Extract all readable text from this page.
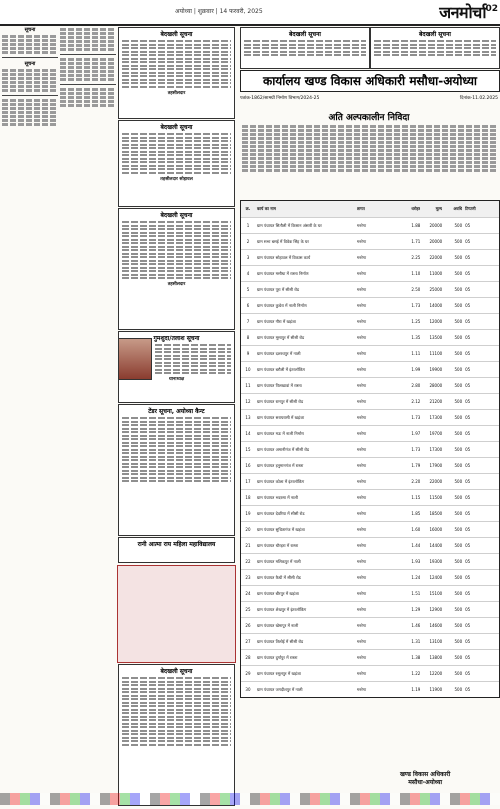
अयोध्या | शुक्रवार | 14 फरवरी, 2025	जनमोर्चा 02
सूचना
सूचना
बेदखली सूचना
तहसीलदार
बेदखली सूचना
तहसीलदार सोहावल
बेदखली सूचना
तहसीलदार
गुमशुदा/तलाश सूचना
थानाध्यक्ष
टेंडर सूचना, अयोध्या कैन्ट
रानी आत्मा राय महिला महाविद्यालय
बेदखली सूचना
बेदखली सूचना	बेदखली सूचना
कार्यालय खण्ड विकास अधिकारी मसौधा-अयोध्या
पत्रांक-1862/सामग्री निर्माण विभाग/2024-25	दिनांक-11.02.2025
अति अल्पकालीन निविदा
क्र.	कार्य का नाम	लागत	धरोहर	मूल्य	अवधि टिप्पणी
1	ग्राम पंचायत सितौली में किसान अंसारी के घर	मनरेगा	1.88	20000	500 05
2	ग्राम सभा बसई में विवेक सिंह के घर	मनरेगा	1.71	20000	500 05
3	ग्राम पंचायत सोहावल में विकास कार्य	मनरेगा	2.25	22000	500 05
4	ग्राम पंचायत मसौधा में रास्ता निर्माण	मनरेगा	1.10	11000	500 05
5	ग्राम पंचायत पूरा में सीसी रोड	मनरेगा	2.50	25000	500 05
6	ग्राम पंचायत कुचेरा में नाली निर्माण	मनरेगा	1.73	14000	500 05
7	ग्राम पंचायत गौरा में खड़ंजा	मनरेगा	1.25	12000	500 05
8	ग्राम पंचायत मूसापुर में सीसी रोड	मनरेगा	1.35	13500	500 05
9	ग्राम पंचायत दशरथपुर में नाली	मनरेगा	1.11	11100	500 05
10	ग्राम पंचायत बरौली में इंटरलॉकिंग	मनरेगा	1.99	19900	500 05
11	ग्राम पंचायत पिलखावां में रास्ता	मनरेगा	2.80	28000	500 05
12	ग्राम पंचायत रामपुर में सीसी रोड	मनरेगा	2.12	21200	500 05
13	ग्राम पंचायत सरायरासी में खड़ंजा	मनरेगा	1.73	17300	500 05
14	ग्राम पंचायत मऊ में नाली निर्माण	मनरेगा	1.97	19700	500 05
15	ग्राम पंचायत अमानीगंज में सीसी रोड	मनरेगा	1.73	17300	500 05
16	ग्राम पंचायत हनुमानगंज में रास्ता	मनरेगा	1.79	17900	500 05
17	ग्राम पंचायत कोला में इंटरलॉकिंग	मनरेगा	2.20	22000	500 05
18	ग्राम पंचायत भदरसा में नाली	मनरेगा	1.15	11500	500 05
19	ग्राम पंचायत देवरिया में सीसी रोड	मनरेगा	1.85	18500	500 05
20	ग्राम पंचायत सुचितागंज में खड़ंजा	मनरेगा	1.60	16000	500 05
21	ग्राम पंचायत धौरहरा में रास्ता	मनरेगा	1.44	14400	500 05
22	ग्राम पंचायत मलिकपुर में नाली	मनरेगा	1.93	19300	500 05
23	ग्राम पंचायत कैथी में सीसी रोड	मनरेगा	1.24	12400	500 05
24	ग्राम पंचायत बीरपुर में खड़ंजा	मनरेगा	1.51	15100	500 05
25	ग्राम पंचायत शेखपुर में इंटरलॉकिंग	मनरेगा	1.29	12900	500 05
26	ग्राम पंचायत खेमापुर में नाली	मनरेगा	1.46	14600	500 05
27	ग्राम पंचायत तिलोई में सीसी रोड	मनरेगा	1.31	13100	500 05
28	ग्राम पंचायत दुर्गापुर में रास्ता	मनरेगा	1.38	13800	500 05
29	ग्राम पंचायत रसूलपुर में खड़ंजा	मनरेगा	1.22	12200	500 05
30	ग्राम पंचायत जगदीशपुर में नाली	मनरेगा	1.19	11900	500 05
खण्ड विकास अधिकारी
मसौधा-अयोध्या
